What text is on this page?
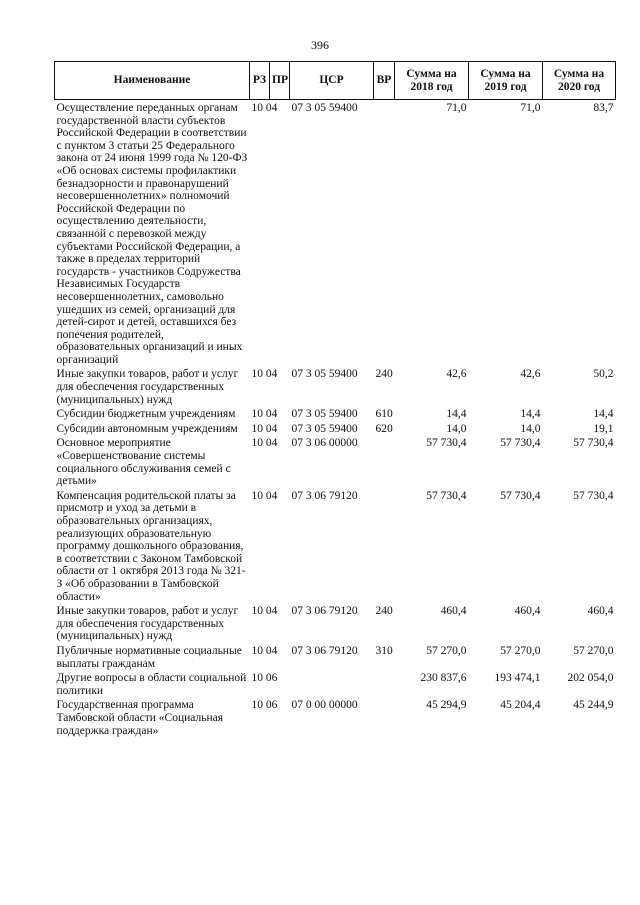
396
Наименование	РЗ	ПР	ЦСР	ВР	Сумма на 2018 год	Сумма на 2019 год	Сумма на 2020 год
Осуществление переданных органам государственной власти субъектов Российской Федерации в соответствии с пунктом 3 статьи 25 Федерального закона от 24 июня 1999 года № 120-ФЗ «Об основах системы профилактики безнадзорности и правонарушений несовершеннолетних» полномочий Российской Федерации по осуществлению деятельности, связанной с перевозкой между субъектами Российской Федерации, а также в пределах территорий государств - участников Содружества Независимых Государств несовершеннолетних, самовольно ушедших из семей, организаций для детей-сирот и детей, оставшихся без попечения родителей, образовательных организаций и иных организаций	10 04		07 3 05 59400		71,0	71,0	83,7
Иные закупки товаров, работ и услуг для обеспечения государственных (муниципальных) нужд	10 04		07 3 05 59400	240	42,6	42,6	50,2
Субсидии бюджетным учреждениям	10 04		07 3 05 59400	610	14,4	14,4	14,4
Субсидии автономным учреждениям	10 04		07 3 05 59400	620	14,0	14,0	19,1
Основное мероприятие «Совершенствование системы социального обслуживания семей с детьми»	10 04		07 3 06 00000		57 730,4	57 730,4	57 730,4
Компенсация родительской платы за присмотр и уход за детьми в образовательных организациях, реализующих образовательную программу дошкольного образования, в соответствии с Законом Тамбовской области от 1 октября 2013 года № 321-З «Об образовании в Тамбовской области»	10 04		07 3 06 79120		57 730,4	57 730,4	57 730,4
Иные закупки товаров, работ и услуг для обеспечения государственных (муниципальных) нужд	10 04		07 3 06 79120	240	460,4	460,4	460,4
Публичные нормативные социальные выплаты гражданам	10 04		07 3 06 79120	310	57 270,0	57 270,0	57 270,0
Другие вопросы в области социальной политики	10 06				230 837,6	193 474,1	202 054,0
Государственная программа Тамбовской области «Социальная поддержка граждан»	10 06		07 0 00 00000		45 294,9	45 204,4	45 244,9
